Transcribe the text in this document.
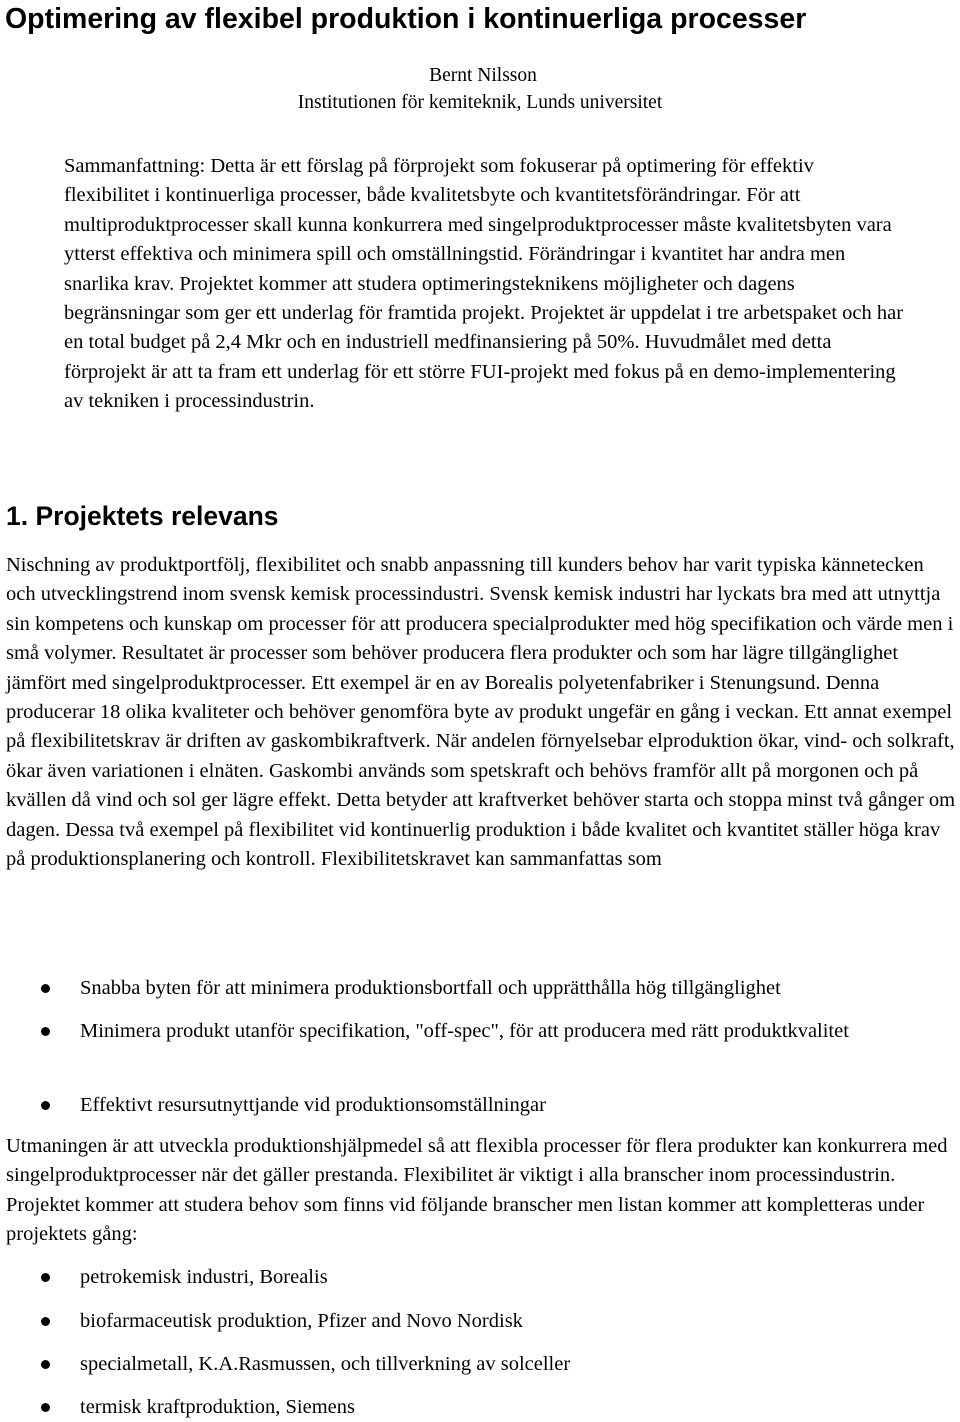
Optimering av flexibel produktion i kontinuerliga processer
Bernt Nilsson
Institutionen för kemiteknik, Lunds universitet

Sammanfattning: Detta är ett förslag på förprojekt som fokuserar på optimering för effektiv flexibilitet i kontinuerliga processer, både kvalitetsbyte och kvantitetsförändringar. För att multiproduktprocesser skall kunna konkurrera med singelproduktprocesser måste kvalitetsbyten vara ytterst effektiva och minimera spill och omställningstid. Förändringar i kvantitet har andra men snarlika krav. Projektet kommer att studera optimeringsteknikens möjligheter och dagens begränsningar som ger ett underlag för framtida projekt. Projektet är uppdelat i tre arbetspaket och har en total budget på 2,4 Mkr och en industriell medfinansiering på 50%. Huvudmålet med detta förprojekt är att ta fram ett underlag för ett större FUI-projekt med fokus på en demo-implementering av tekniken i processindustrin.

1. Projektets relevans

Nischning av produktportfölj, flexibilitet och snabb anpassning till kunders behov har varit typiska kännetecken och utvecklingstrend inom svensk kemisk processindustri. Svensk kemisk industri har lyckats bra med att utnyttja sin kompetens och kunskap om processer för att producera specialprodukter med hög specifikation och värde men i små volymer. Resultatet är processer som behöver producera flera produkter och som har lägre tillgänglighet jämfört med singelproduktprocesser. Ett exempel är en av Borealis polyetenfabriker i Stenungsund. Denna producerar 18 olika kvaliteter och behöver genomföra byte av produkt ungefär en gång i veckan. Ett annat exempel på flexibilitetskrav är driften av gaskombikraftverk. När andelen förnyelsebar elproduktion ökar, vind- och solkraft, ökar även variationen i elnäten. Gaskombi används som spetskraft och behövs framför allt på morgonen och på kvällen då vind och sol ger lägre effekt. Detta betyder att kraftverket behöver starta och stoppa minst två gånger om dagen. Dessa två exempel på flexibilitet vid kontinuerlig produktion i både kvalitet och kvantitet ställer höga krav på produktionsplanering och kontroll. Flexibilitetskravet kan sammanfattas som

Snabba byten för att minimera produktionsbortfall och upprätthålla hög tillgänglighet
Minimera produkt utanför specifikation, "off-spec", för att producera med rätt produktkvalitet
Effektivt resursutnyttjande vid produktionsomställningar

Utmaningen är att utveckla produktionshjälpmedel så att flexibla processer för flera produkter kan konkurrera med singelproduktprocesser när det gäller prestanda. Flexibilitet är viktigt i alla branscher inom processindustrin. Projektet kommer att studera behov som finns vid följande branscher men listan kommer att kompletteras under projektets gång:

petrokemisk industri, Borealis
biofarmaceutisk produktion, Pfizer and Novo Nordisk
specialmetall, K.A.Rasmussen, och tillverkning av solceller
termisk kraftproduktion, Siemens
